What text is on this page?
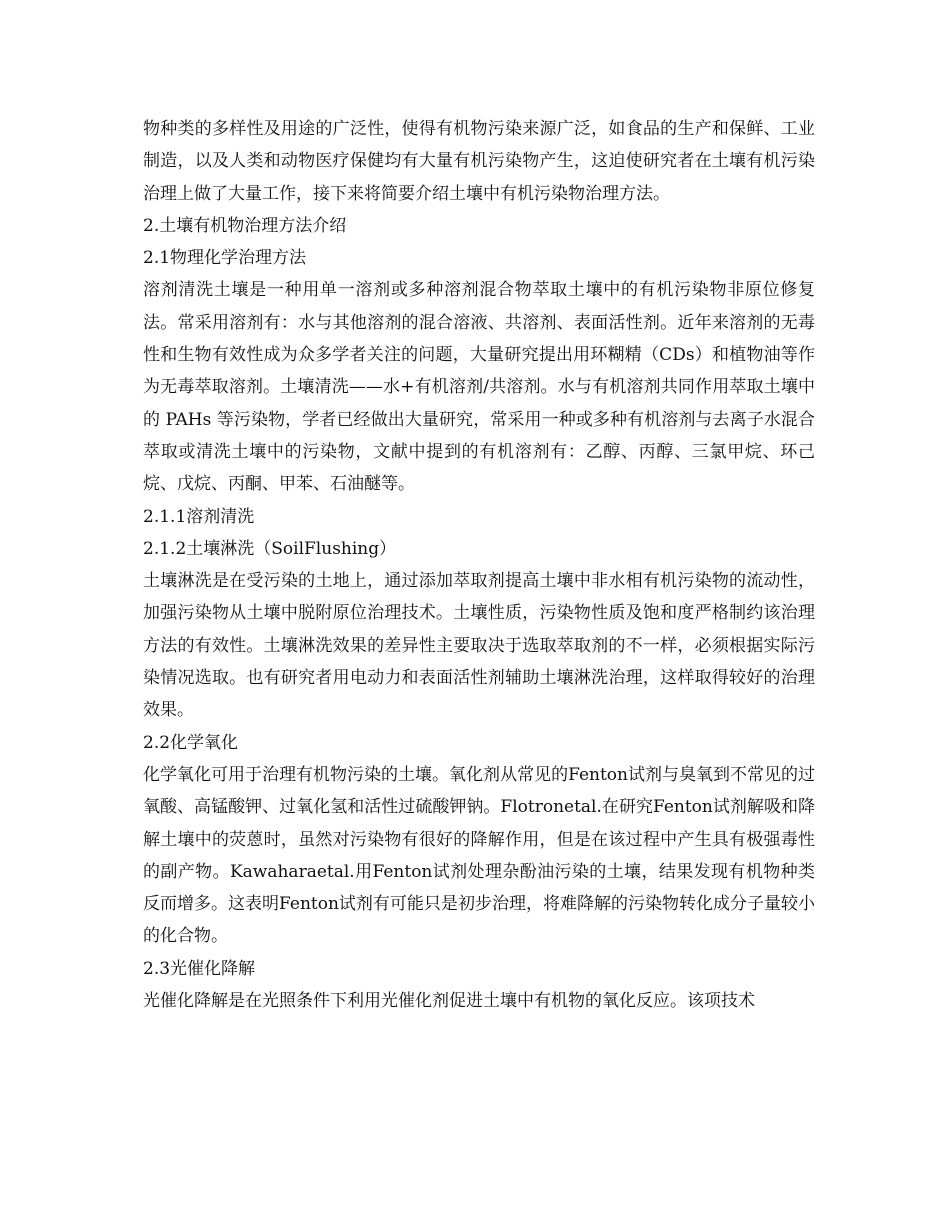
物种类的多样性及用途的广泛性，使得有机物污染来源广泛，如食品的生产和保鲜、工业制造，以及人类和动物医疗保健均有大量有机污染物产生，这迫使研究者在土壤有机污染治理上做了大量工作，接下来将简要介绍土壤中有机污染物治理方法。

2.土壤有机物治理方法介绍
2.1物理化学治理方法

溶剂清洗土壤是一种用单一溶剂或多种溶剂混合物萃取土壤中的有机污染物非原位修复法。常采用溶剂有：水与其他溶剂的混合溶液、共溶剂、表面活性剂。近年来溶剂的无毒性和生物有效性成为众多学者关注的问题，大量研究提出用环糊精（CDs）和植物油等作为无毒萃取溶剂。土壤清洗——水+有机溶剂/共溶剂。水与有机溶剂共同作用萃取土壤中的 PAHs 等污染物，学者已经做出大量研究，常采用一种或多种有机溶剂与去离子水混合萃取或清洗土壤中的污染物，文献中提到的有机溶剂有：乙醇、丙醇、三氯甲烷、环己烷、戊烷、丙酮、甲苯、石油醚等。

2.1.1溶剂清洗
2.1.2土壤淋洗（SoilFlushing）

土壤淋洗是在受污染的土地上，通过添加萃取剂提高土壤中非水相有机污染物的流动性，加强污染物从土壤中脱附原位治理技术。土壤性质，污染物性质及饱和度严格制约该治理方法的有效性。土壤淋洗效果的差异性主要取决于选取萃取剂的不一样，必须根据实际污染情况选取。也有研究者用电动力和表面活性剂辅助土壤淋洗治理，这样取得较好的治理效果。

2.2化学氧化

化学氧化可用于治理有机物污染的土壤。氧化剂从常见的Fenton试剂与臭氧到不常见的过氧酸、高锰酸钾、过氧化氢和活性过硫酸钾钠。Flotronetal.在研究Fenton试剂解吸和降解土壤中的荧蒽时，虽然对污染物有很好的降解作用，但是在该过程中产生具有极强毒性的副产物。Kawaharaetal.用Fenton试剂处理杂酚油污染的土壤，结果发现有机物种类反而增多。这表明Fenton试剂有可能只是初步治理，将难降解的污染物转化成分子量较小的化合物。

2.3光催化降解

光催化降解是在光照条件下利用光催化剂促进土壤中有机物的氧化反应。该项技术
